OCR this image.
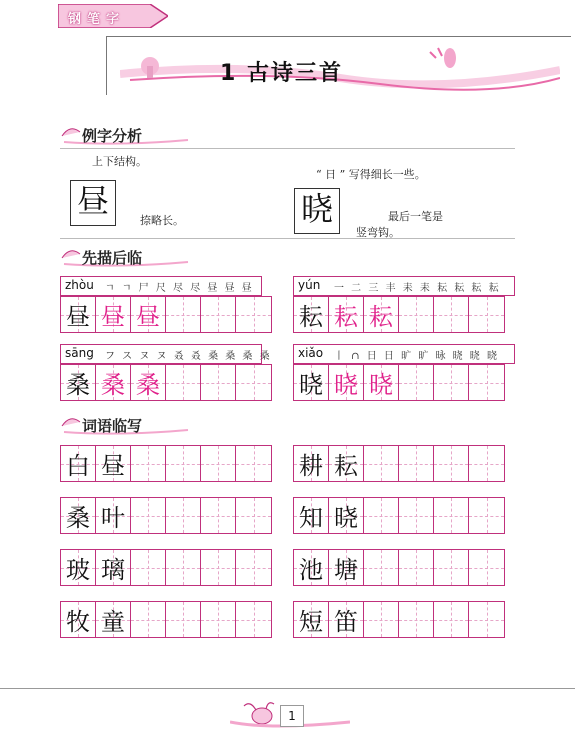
钢笔字
1 古诗三首
例字分析
上下结构。
昼
捺略长。
“ 日 ” 写得细长一些。
晓	最后一笔是
竖弯钩。
先描后临
zhòu ㄱ ㄱ 尸 尺 尽 尽 昼 昼 昼
昼 昼 昼
yún 一 二 三 丰 耒 耒 耘 耘 耘 耘
耘 耘 耘
sāng フ ス ヌ ヌ 叒 叒 桑 桑 桑 桑
桑 桑 桑
xiǎo 丨 ∩ 日 日 旷 旷 昹 晓 晓 晓
晓 晓 晓
词语临写
白 昼	耕 耘
桑 叶	知 晓
玻 璃	池 塘
牧 童	短 笛
1
